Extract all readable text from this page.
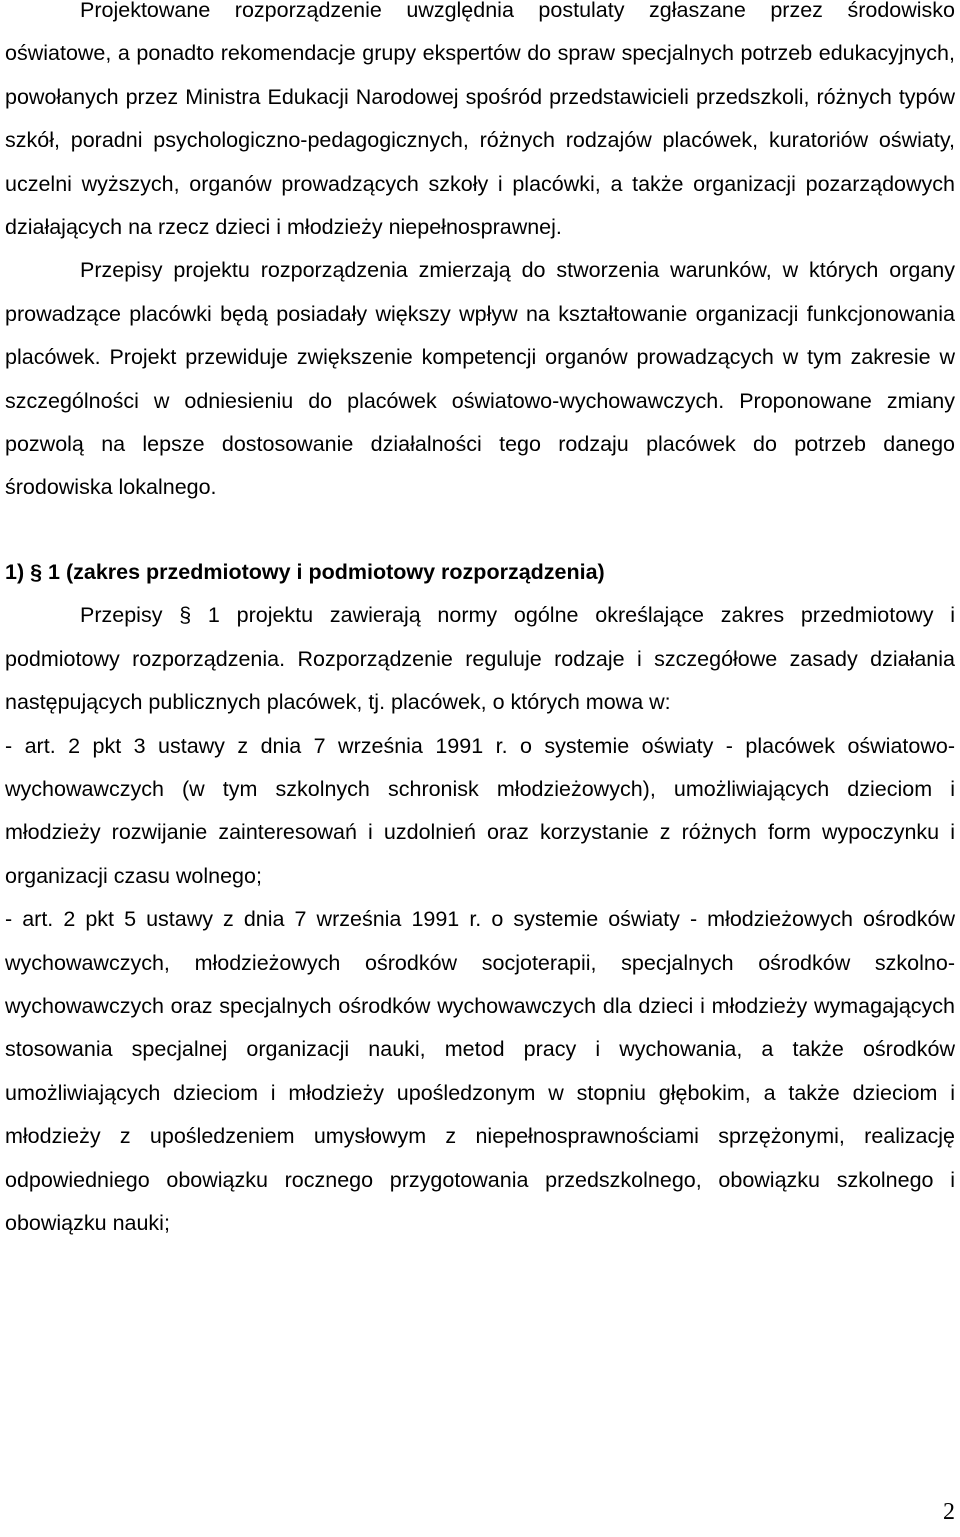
Projektowane rozporządzenie uwzględnia postulaty zgłaszane przez środowisko oświatowe, a ponadto rekomendacje grupy ekspertów do spraw specjalnych potrzeb edukacyjnych, powołanych przez Ministra Edukacji Narodowej spośród przedstawicieli przedszkoli, różnych typów szkół, poradni psychologiczno-pedagogicznych, różnych rodzajów placówek, kuratoriów oświaty, uczelni wyższych, organów prowadzących szkoły i placówki, a także organizacji pozarządowych działających na rzecz dzieci i młodzieży niepełnosprawnej.

Przepisy projektu rozporządzenia zmierzają do stworzenia warunków, w których organy prowadzące placówki będą posiadały większy wpływ na kształtowanie organizacji funkcjonowania placówek. Projekt przewiduje zwiększenie kompetencji organów prowadzących w tym zakresie w szczególności w odniesieniu do placówek oświatowo-wychowawczych. Proponowane zmiany pozwolą na lepsze dostosowanie działalności tego rodzaju placówek do potrzeb danego środowiska lokalnego.

1) § 1 (zakres przedmiotowy i podmiotowy rozporządzenia)

Przepisy § 1 projektu zawierają normy ogólne określające zakres przedmiotowy i podmiotowy rozporządzenia. Rozporządzenie reguluje rodzaje i szczegółowe zasady działania następujących publicznych placówek, tj. placówek, o których mowa w:

- art. 2 pkt 3 ustawy z dnia 7 września 1991 r. o systemie oświaty - placówek oświatowo-wychowawczych (w tym szkolnych schronisk młodzieżowych), umożliwiających dzieciom i młodzieży rozwijanie zainteresowań i uzdolnień oraz korzystanie z różnych form wypoczynku i organizacji czasu wolnego;

- art. 2 pkt 5 ustawy z dnia 7 września 1991 r. o systemie oświaty - młodzieżowych ośrodków wychowawczych, młodzieżowych ośrodków socjoterapii, specjalnych ośrodków szkolno-wychowawczych oraz specjalnych ośrodków wychowawczych dla dzieci i młodzieży wymagających stosowania specjalnej organizacji nauki, metod pracy i wychowania, a także ośrodków umożliwiających dzieciom i młodzieży upośledzonym w stopniu głębokim, a także dzieciom i młodzieży z upośledzeniem umysłowym z niepełnosprawnościami sprzężonymi, realizację odpowiedniego obowiązku rocznego przygotowania przedszkolnego, obowiązku szkolnego i obowiązku nauki;

2
